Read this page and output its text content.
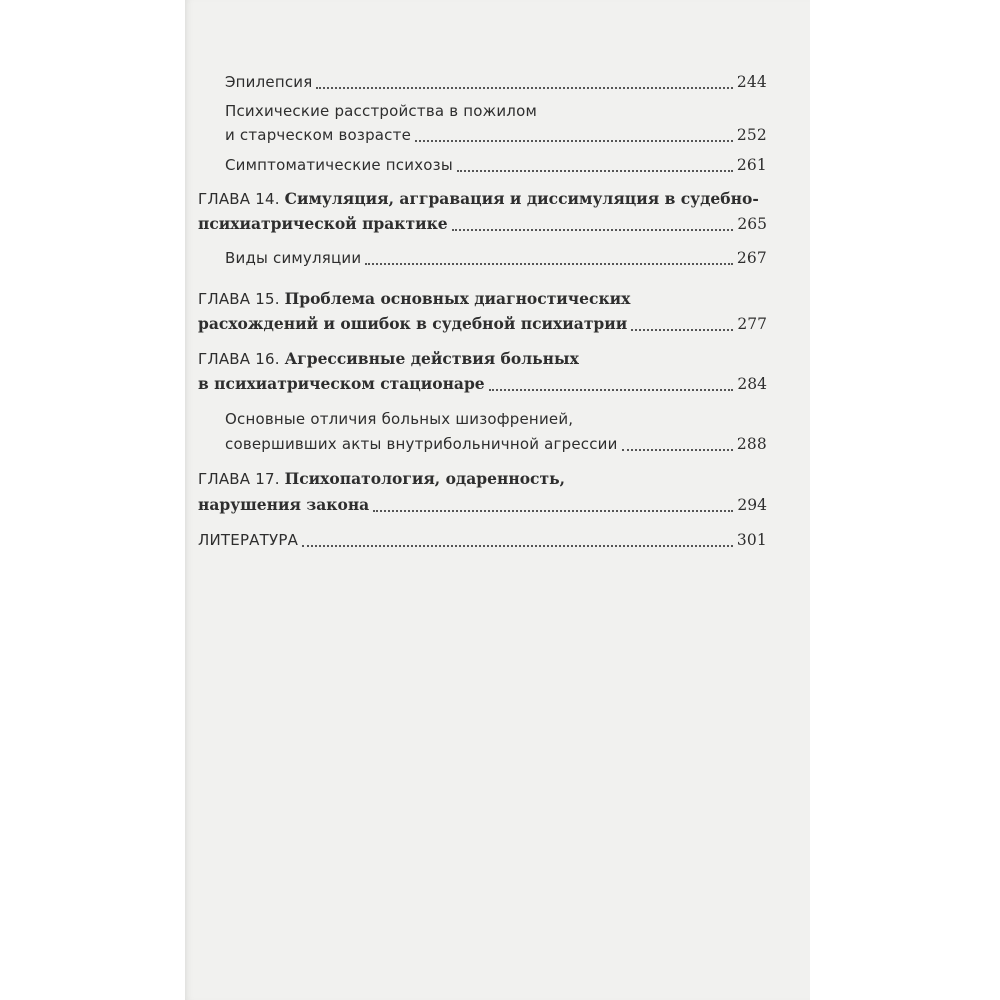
Эпилепсия	244
Психические расстройства в пожилом
и старческом возрасте	252
Симптоматические психозы	261
ГЛАВА 14. Симуляция, аггравация и диссимуляция в судебно-
психиатрической практике	265
Виды симуляции	267
ГЛАВА 15. Проблема основных диагностических
расхождений и ошибок в судебной психиатрии	277
ГЛАВА 16. Агрессивные действия больных
в психиатрическом стационаре	284
Основные отличия больных шизофренией,
совершивших акты внутрибольничной агрессии	288
ГЛАВА 17. Психопатология, одаренность,
нарушения закона	294
ЛИТЕРАТУРА	301
